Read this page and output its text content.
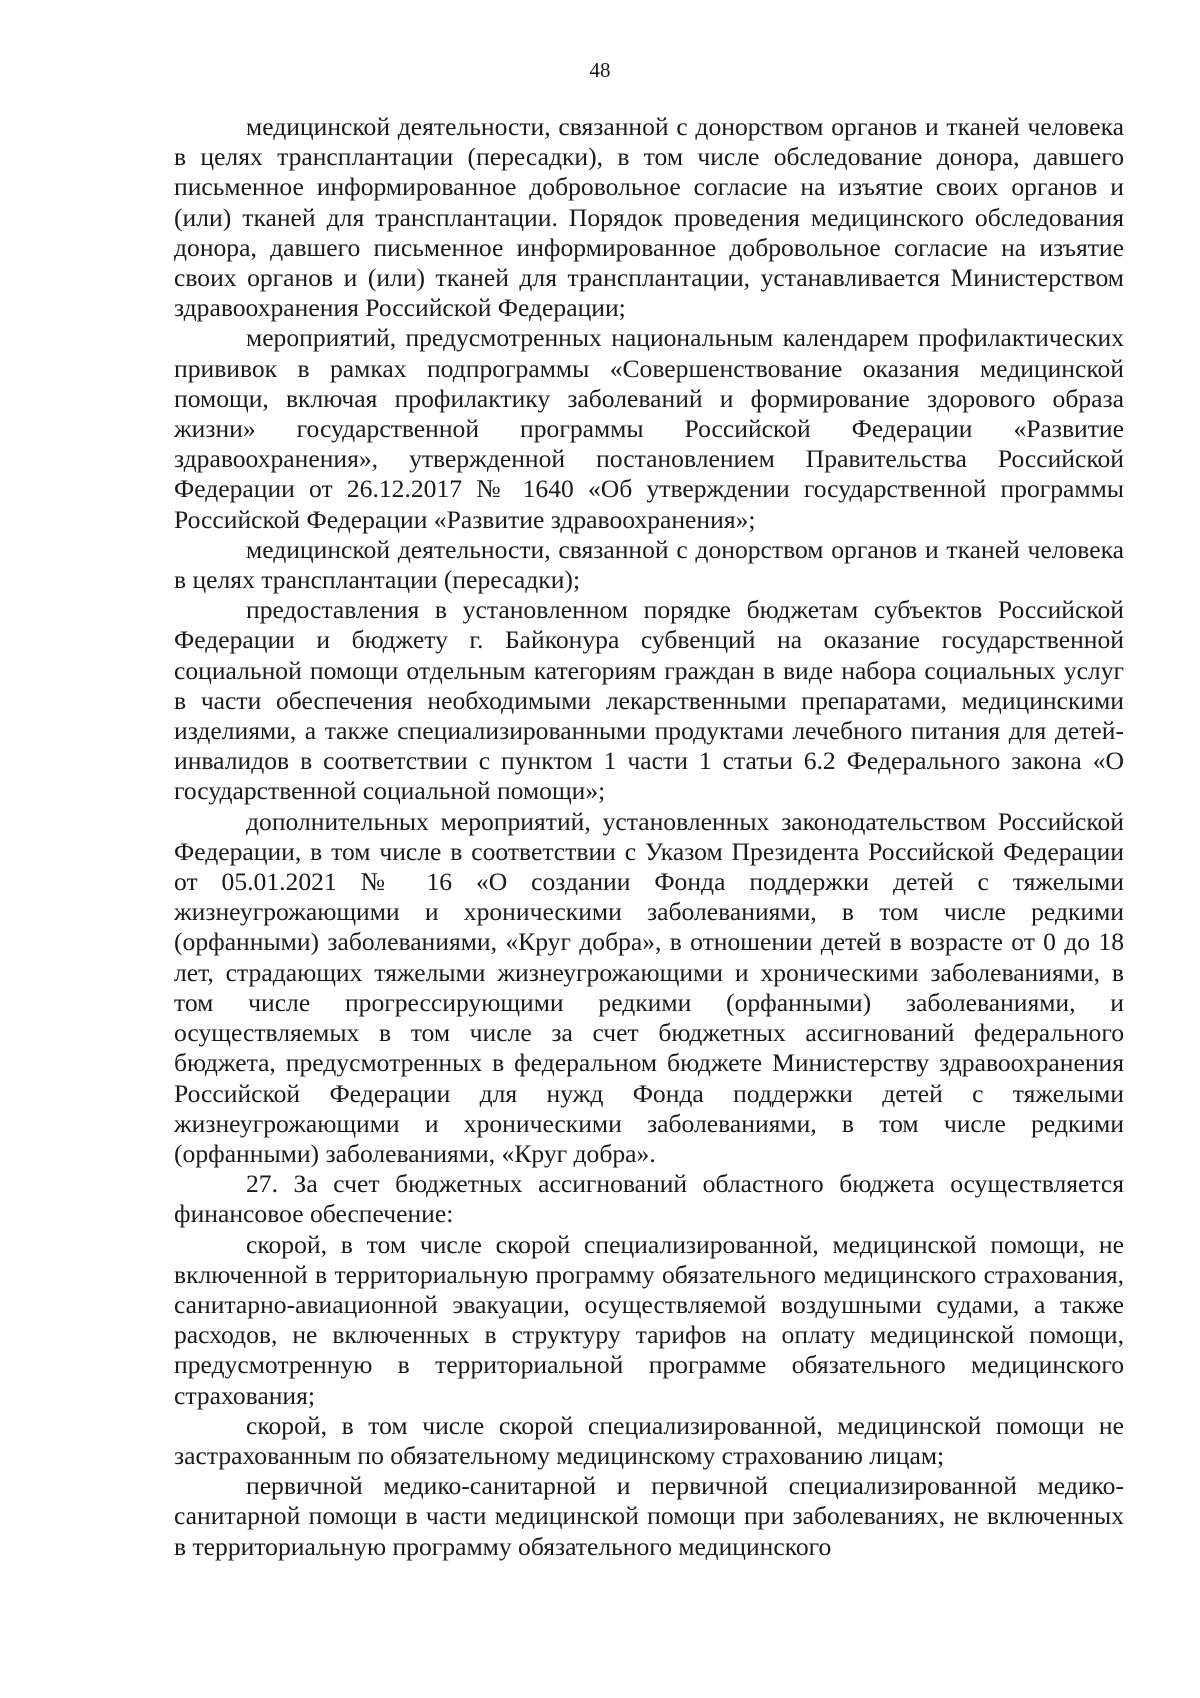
48

медицинской деятельности, связанной с донорством органов и тканей человека в целях трансплантации (пересадки), в том числе обследование донора, давшего письменное информированное добровольное согласие на изъятие своих органов и (или) тканей для трансплантации. Порядок проведения медицинского обследования донора, давшего письменное информированное добровольное согласие на изъятие своих органов и (или) тканей для трансплантации, устанавливается Министерством здравоохранения Российской Федерации;

мероприятий, предусмотренных национальным календарем профилактических прививок в рамках подпрограммы «Совершенствование оказания медицинской помощи, включая профилактику заболеваний и формирование здорового образа жизни» государственной программы Российской Федерации «Развитие здравоохранения», утвержденной постановлением Правительства Российской Федерации от 26.12.2017 № 1640 «Об утверждении государственной программы Российской Федерации «Развитие здравоохранения»;

медицинской деятельности, связанной с донорством органов и тканей человека в целях трансплантации (пересадки);

предоставления в установленном порядке бюджетам субъектов Российской Федерации и бюджету г. Байконура субвенций на оказание государственной социальной помощи отдельным категориям граждан в виде набора социальных услуг в части обеспечения необходимыми лекарственными препаратами, медицинскими изделиями, а также специализированными продуктами лечебного питания для детей-инвалидов в соответствии с пунктом 1 части 1 статьи 6.2 Федерального закона «О государственной социальной помощи»;

дополнительных мероприятий, установленных законодательством Российской Федерации, в том числе в соответствии с Указом Президента Российской Федерации от 05.01.2021 № 16 «О создании Фонда поддержки детей с тяжелыми жизнеугрожающими и хроническими заболеваниями, в том числе редкими (орфанными) заболеваниями, «Круг добра», в отношении детей в возрасте от 0 до 18 лет, страдающих тяжелыми жизнеугрожающими и хроническими заболеваниями, в том числе прогрессирующими редкими (орфанными) заболеваниями, и осуществляемых в том числе за счет бюджетных ассигнований федерального бюджета, предусмотренных в федеральном бюджете Министерству здравоохранения Российской Федерации для нужд Фонда поддержки детей с тяжелыми жизнеугрожающими и хроническими заболеваниями, в том числе редкими (орфанными) заболеваниями, «Круг добра».

27. За счет бюджетных ассигнований областного бюджета осуществляется финансовое обеспечение:

скорой, в том числе скорой специализированной, медицинской помощи, не включенной в территориальную программу обязательного медицинского страхования, санитарно-авиационной эвакуации, осуществляемой воздушными судами, а также расходов, не включенных в структуру тарифов на оплату медицинской помощи, предусмотренную в территориальной программе обязательного медицинского страхования;

скорой, в том числе скорой специализированной, медицинской помощи не застрахованным по обязательному медицинскому страхованию лицам;

первичной медико-санитарной и первичной специализированной медико-санитарной помощи в части медицинской помощи при заболеваниях, не включенных в территориальную программу обязательного медицинского
